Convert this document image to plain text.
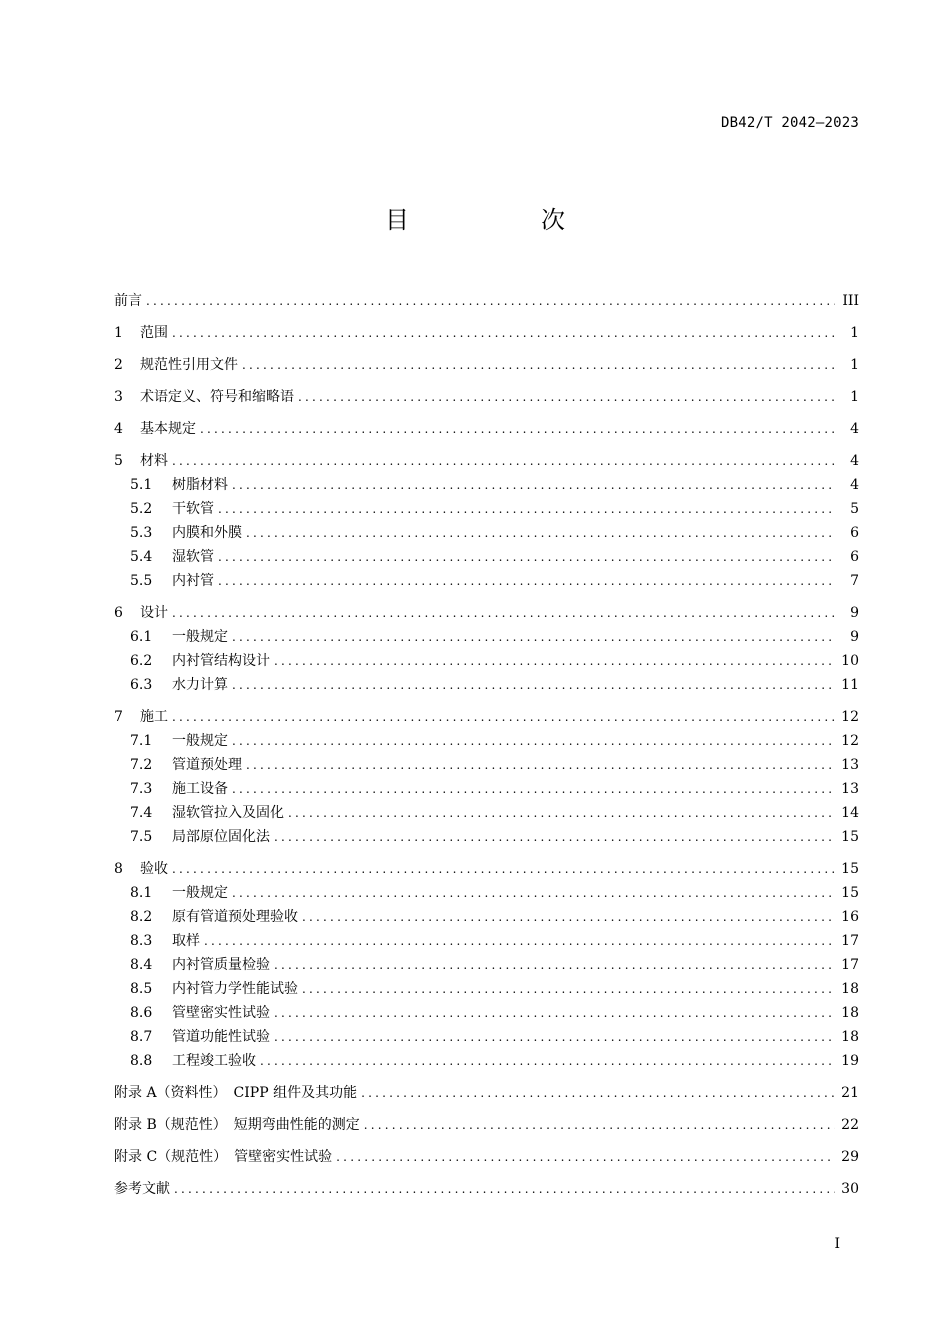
DB42/T 2042—2023
目　次
前言 .....	III
1	范围 .....	1
2	规范性引用文件 .....	1
3	术语定义、符号和缩略语 .....	1
4	基本规定 .....	4
5	材料 .....	4
5.1	树脂材料 .....	4
5.2	干软管 .....	5
5.3	内膜和外膜 .....	6
5.4	湿软管 .....	6
5.5	内衬管 .....	7
6	设计 .....	9
6.1	一般规定 .....	9
6.2	内衬管结构设计 .....	10
6.3	水力计算 .....	11
7	施工 .....	12
7.1	一般规定 .....	12
7.2	管道预处理 .....	13
7.3	施工设备 .....	13
7.4	湿软管拉入及固化 .....	14
7.5	局部原位固化法 .....	15
8	验收 .....	15
8.1	一般规定 .....	15
8.2	原有管道预处理验收 .....	16
8.3	取样 .....	17
8.4	内衬管质量检验 .....	17
8.5	内衬管力学性能试验 .....	18
8.6	管壁密实性试验 .....	18
8.7	管道功能性试验 .....	18
8.8	工程竣工验收 .....	19
附录 A（资料性）　CIPP 组件及其功能 .....	21
附录 B（规范性）　短期弯曲性能的测定 .....	22
附录 C（规范性）　管壁密实性试验 .....	29
参考文献 .....	30
I
